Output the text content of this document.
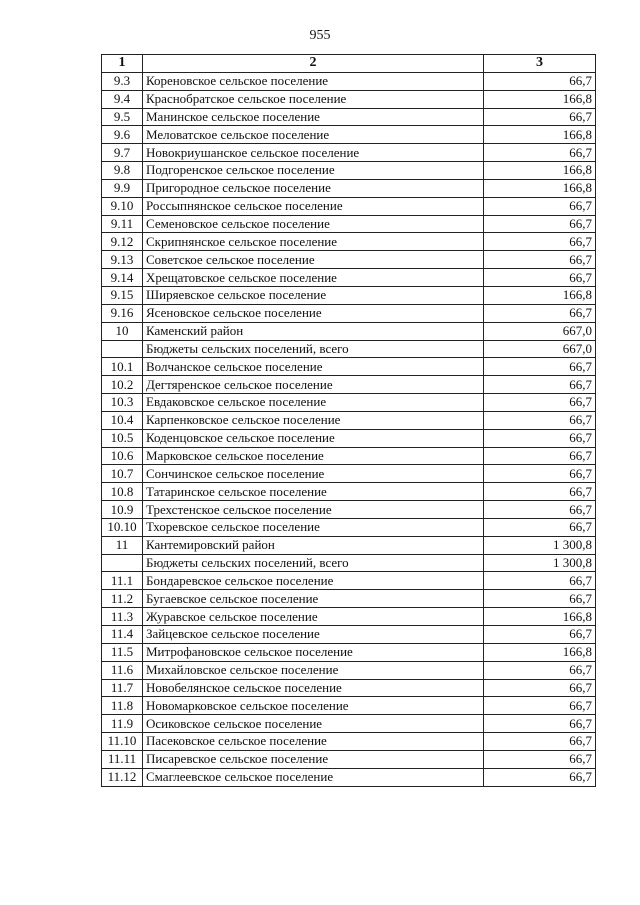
955
1	2	3
9.3	Кореновское сельское поселение	66,7
9.4	Краснобратское сельское поселение	166,8
9.5	Манинское сельское поселение	66,7
9.6	Меловатское сельское поселение	166,8
9.7	Новокриушанское сельское поселение	66,7
9.8	Подгоренское сельское поселение	166,8
9.9	Пригородное сельское поселение	166,8
9.10	Россыпнянское сельское поселение	66,7
9.11	Семеновское сельское поселение	66,7
9.12	Скрипнянское сельское поселение	66,7
9.13	Советское сельское поселение	66,7
9.14	Хрещатовское сельское поселение	66,7
9.15	Ширяевское сельское поселение	166,8
9.16	Ясеновское сельское поселение	66,7
10	Каменский район	667,0
	Бюджеты сельских поселений, всего	667,0
10.1	Волчанское сельское поселение	66,7
10.2	Дегтяренское сельское поселение	66,7
10.3	Евдаковское сельское поселение	66,7
10.4	Карпенковское сельское поселение	66,7
10.5	Коденцовское сельское поселение	66,7
10.6	Марковское сельское поселение	66,7
10.7	Сончинское сельское поселение	66,7
10.8	Татаринское сельское поселение	66,7
10.9	Трехстенское сельское поселение	66,7
10.10	Тхоревское сельское поселение	66,7
11	Кантемировский район	1 300,8
	Бюджеты сельских поселений, всего	1 300,8
11.1	Бондаревское сельское поселение	66,7
11.2	Бугаевское сельское поселение	66,7
11.3	Журавское сельское поселение	166,8
11.4	Зайцевское сельское поселение	66,7
11.5	Митрофановское сельское поселение	166,8
11.6	Михайловское сельское поселение	66,7
11.7	Новобелянское сельское поселение	66,7
11.8	Новомарковское сельское поселение	66,7
11.9	Осиковское сельское поселение	66,7
11.10	Пасековское сельское поселение	66,7
11.11	Писаревское сельское поселение	66,7
11.12	Смаглеевское сельское поселение	66,7
